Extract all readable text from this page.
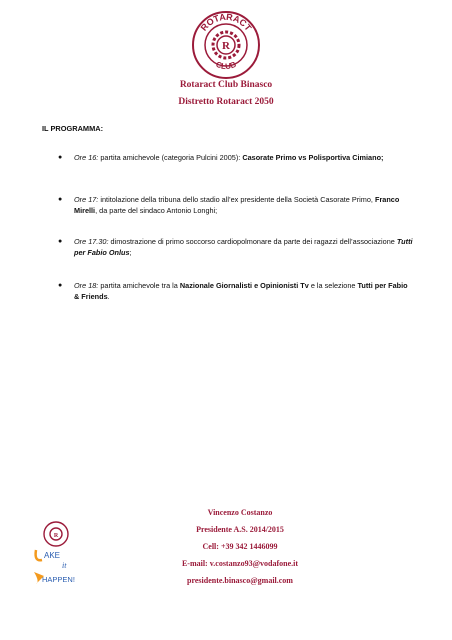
ROTARACT
CLUB
R
Rotaract Club Binasco
Distretto Rotaract 2050
IL PROGRAMMA:
● Ore 16: partita amichevole (categoria Pulcini 2005): Casorate Primo vs Polisportiva Cimiano;
● Ore 17: intitolazione della tribuna dello stadio all’ex presidente della Società Casorate Primo, Franco Mirelli, da parte del sindaco Antonio Longhi;
● Ore 17.30: dimostrazione di primo soccorso cardiopolmonare da parte dei ragazzi dell’associazione Tutti per Fabio Onlus;
● Ore 18: partita amichevole tra la Nazionale Giornalisti e Opinionisti Tv e la selezione Tutti per Fabio & Friends.
R
AKE
it
HAPPEN!
Vincenzo Costanzo
Presidente A.S. 2014/2015
Cell: +39 342 1446099
E-mail: v.costanzo93@vodafone.it
presidente.binasco@gmail.com
